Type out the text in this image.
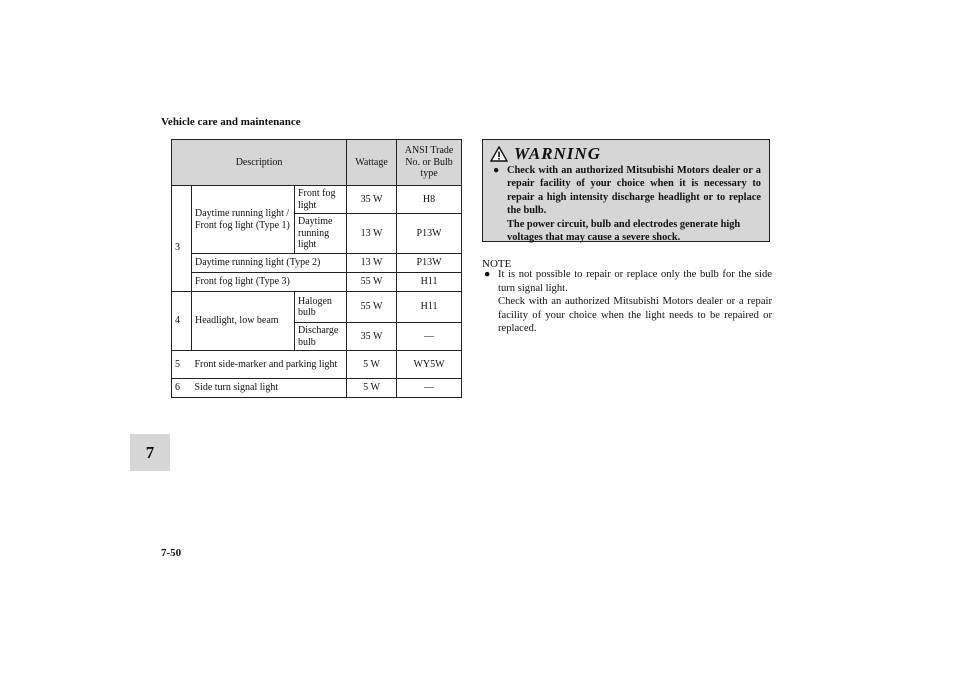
Vehicle care and maintenance
Description			Wattage	ANSI Trade No. or Bulb type
3	Daytime running light / Front fog light (Type 1)	Front fog light	35 W	H8
		Daytime running light	13 W	P13W
	Daytime running light (Type 2)		13 W	P13W
	Front fog light (Type 3)		55 W	H11
4	Headlight, low beam	Halogen bulb	55 W	H11
		Discharge bulb	35 W	—
5	Front side-marker and parking light		5 W	WY5W
6	Side turn signal light		5 W	—
WARNING
● Check with an authorized Mitsubishi Motors dealer or a repair facility of your choice when it is necessary to repair a high intensity discharge headlight or to replace the bulb.

The power circuit, bulb and electrodes generate high voltages that may cause a severe shock.

NOTE
● It is not possible to repair or replace only the bulb for the side turn signal light.

Check with an authorized Mitsubishi Motors dealer or a repair facility of your choice when the light needs to be repaired or replaced.

7
7-50
